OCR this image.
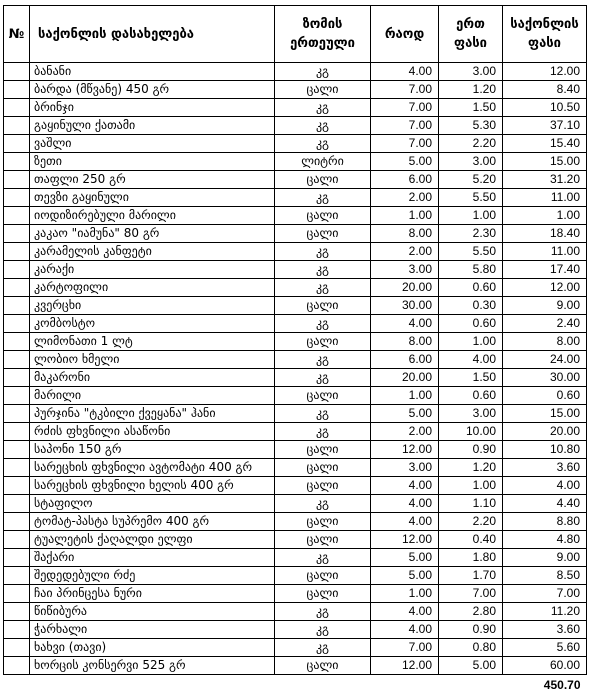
№	საქონლის დასახელება	ზომის ერთეული	რაოდ	ერთ ფასი	საქონლის ფასი
	ბანანი	კგ	4.00	3.00	12.00
	ბარდა (მწვანე) 450 გრ	ცალი	7.00	1.20	8.40
	ბრინჯი	კგ	7.00	1.50	10.50
	გაყინული ქათამი	კგ	7.00	5.30	37.10
	ვაშლი	კგ	7.00	2.20	15.40
	ზეთი	ლიტრი	5.00	3.00	15.00
	თაფლი 250 გრ	ცალი	6.00	5.20	31.20
	თევზი გაყინული	კგ	2.00	5.50	11.00
	იოდიზირებული მარილი	ცალი	1.00	1.00	1.00
	კაკაო "იამუნა" 80 გრ	ცალი	8.00	2.30	18.40
	კარამელის კანფეტი	კგ	2.00	5.50	11.00
	კარაქი	კგ	3.00	5.80	17.40
	კარტოფილი	კგ	20.00	0.60	12.00
	კვერცხი	ცალი	30.00	0.30	9.00
	კომბოსტო	კგ	4.00	0.60	2.40
	ლიმონათი 1 ლტ	ცალი	8.00	1.00	8.00
	ლობიო ხმელი	კგ	6.00	4.00	24.00
	მაკარონი	კგ	20.00	1.50	30.00
	მარილი	ცალი	1.00	0.60	0.60
	პურჯინა "ტკბილი ქვეყანა" ჰანი	კგ	5.00	3.00	15.00
	რძის ფხვნილი ასაწონი	კგ	2.00	10.00	20.00
	საპონი 150 გრ	ცალი	12.00	0.90	10.80
	სარეცხის ფხვნილი ავტომატი 400 გრ	ცალი	3.00	1.20	3.60
	სარეცხის ფხვნილი ხელის 400 გრ	ცალი	4.00	1.00	4.00
	სტაფილო	კგ	4.00	1.10	4.40
	ტომატ-პასტა სუპრემო 400 გრ	ცალი	4.00	2.20	8.80
	ტუალეტის ქაღალდი ელფი	ცალი	12.00	0.40	4.80
	შაქარი	კგ	5.00	1.80	9.00
	შედედებული რძე	ცალი	5.00	1.70	8.50
	ჩაი პრინცესა ნური	ცალი	1.00	7.00	7.00
	წიწიბურა	კგ	4.00	2.80	11.20
	ჭარხალი	კგ	4.00	0.90	3.60
	ხახვი (თავი)	კგ	7.00	0.80	5.60
	ხორცის კონსერვი 525 გრ	ცალი	12.00	5.00	60.00
					450.70
